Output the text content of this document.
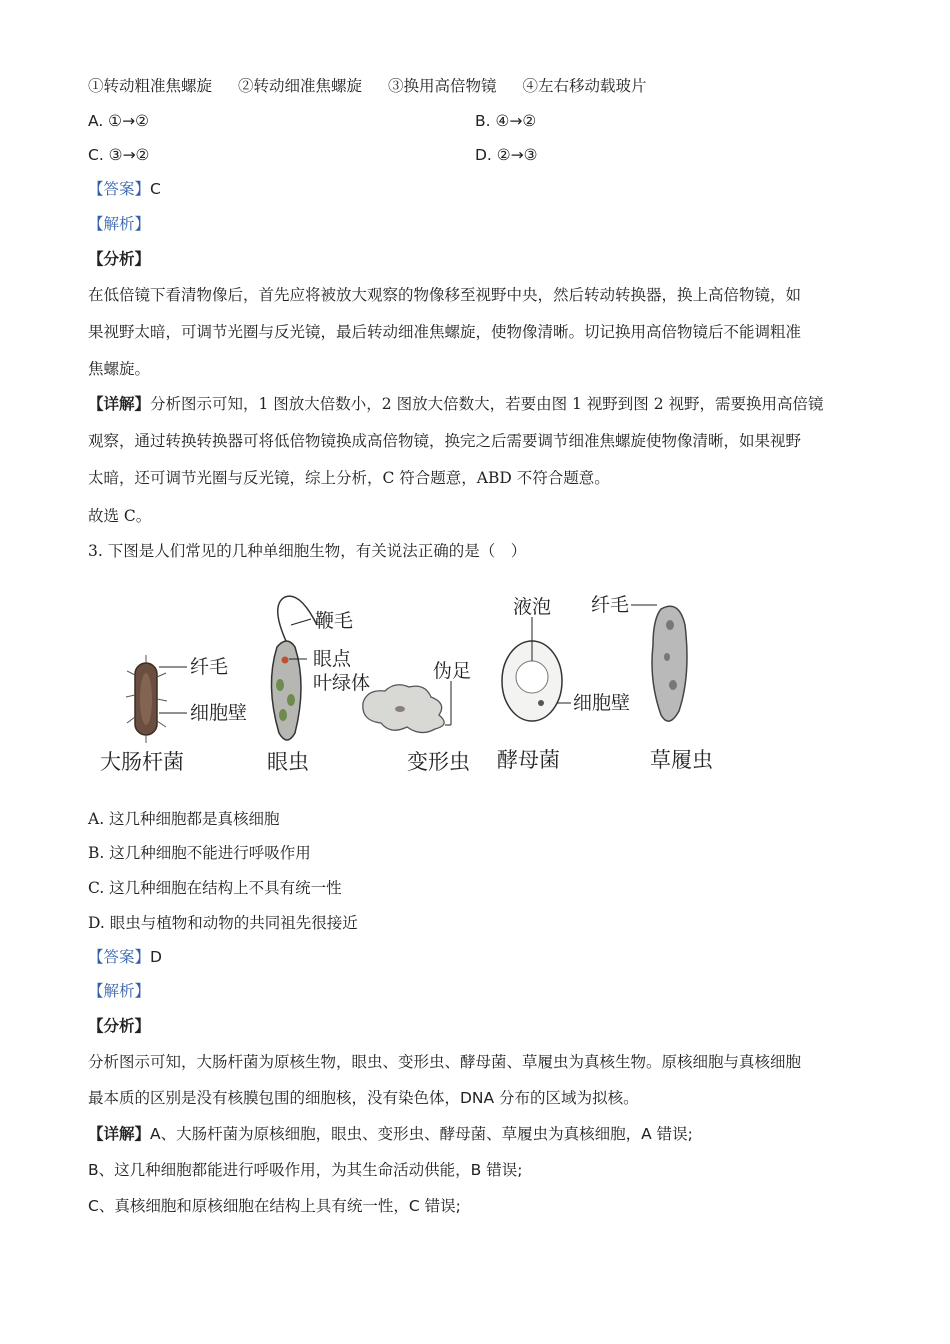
①转动粗准焦螺旋 ②转动细准焦螺旋 ③换用高倍物镜 ④左右移动载玻片
A. ①→②	B. ④→②
C. ③→②	D. ②→③
【答案】C
【解析】
【分析】
在低倍镜下看清物像后，首先应将被放大观察的物像移至视野中央，然后转动转换器，换上高倍物镜，如
果视野太暗，可调节光圈与反光镜，最后转动细准焦螺旋，使物像清晰。切记换用高倍物镜后不能调粗准
焦螺旋。
【详解】分析图示可知，1 图放大倍数小，2 图放大倍数大，若要由图 1 视野到图 2 视野，需要换用高倍镜
观察，通过转换转换器可将低倍物镜换成高倍物镜，换完之后需要调节细准焦螺旋使物像清晰，如果视野
太暗，还可调节光圈与反光镜，综上分析，C 符合题意，ABD 不符合题意。
故选 C。
3. 下图是人们常见的几种单细胞生物，有关说法正确的是（　）
纤毛
细胞壁
大肠杆菌
鞭毛
眼点
叶绿体
眼虫
伪足
变形虫
液泡
细胞壁
酵母菌
纤毛
草履虫
A. 这几种细胞都是真核细胞
B. 这几种细胞不能进行呼吸作用
C. 这几种细胞在结构上不具有统一性
D. 眼虫与植物和动物的共同祖先很接近
【答案】D
【解析】
【分析】
分析图示可知，大肠杆菌为原核生物，眼虫、变形虫、酵母菌、草履虫为真核生物。原核细胞与真核细胞
最本质的区别是没有核膜包围的细胞核，没有染色体，DNA 分布的区域为拟核。
【详解】A、大肠杆菌为原核细胞，眼虫、变形虫、酵母菌、草履虫为真核细胞，A 错误;
B、这几种细胞都能进行呼吸作用，为其生命活动供能，B 错误;
C、真核细胞和原核细胞在结构上具有统一性，C 错误;
